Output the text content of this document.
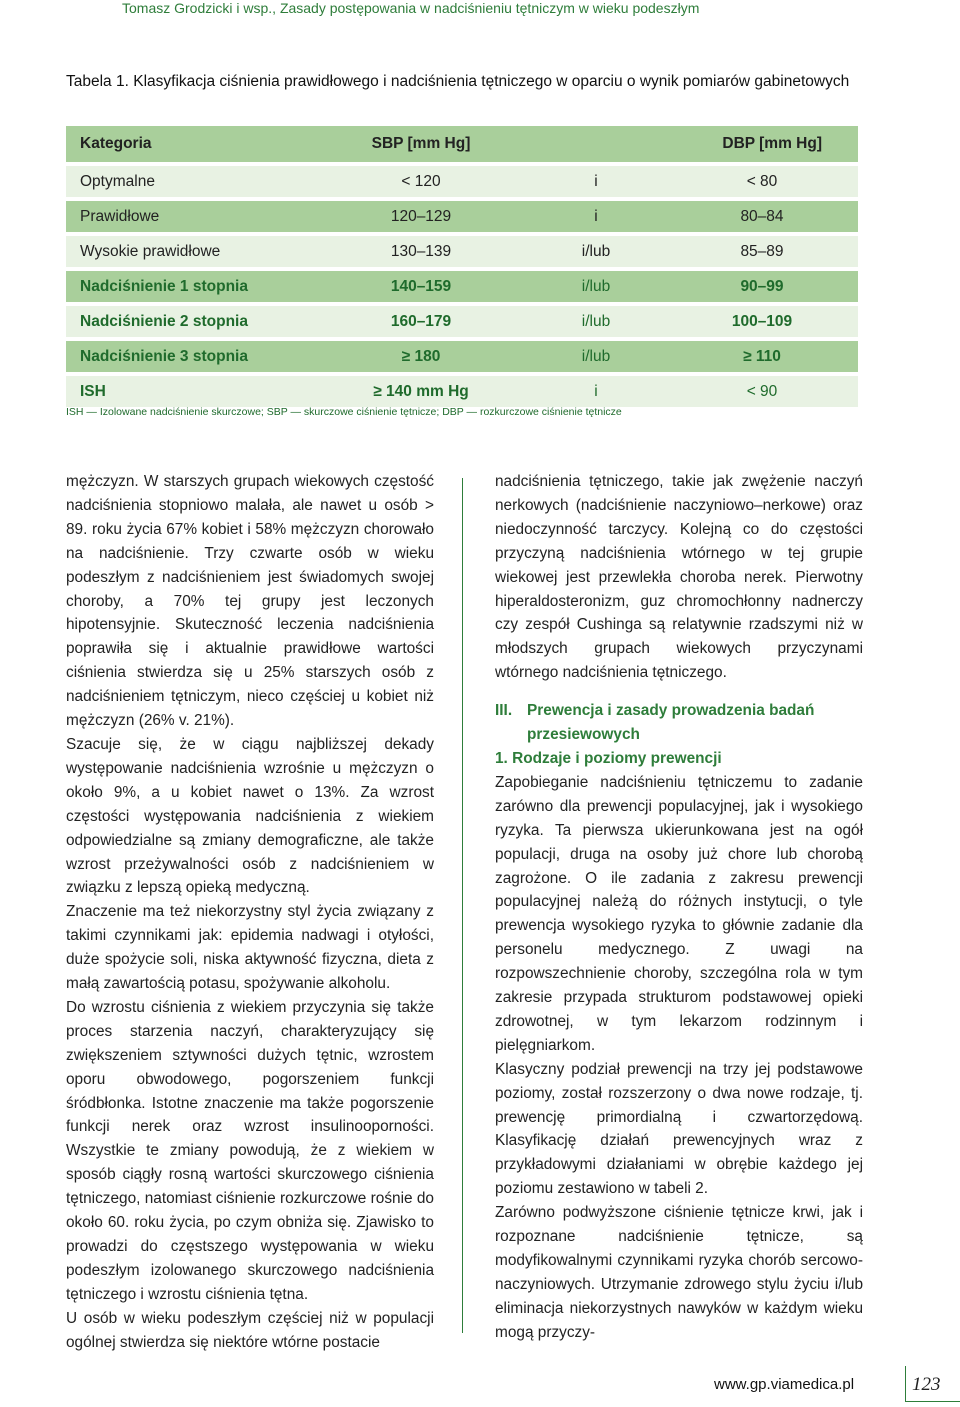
Tomasz Grodzicki i wsp., Zasady postępowania w nadciśnieniu tętniczym w wieku podeszłym
Tabela 1. Klasyfikacja ciśnienia prawidłowego i nadciśnienia tętniczego w oparciu o wynik pomiarów gabinetowych
Kategoria	SBP [mm Hg]		DBP [mm Hg]
Optymalne	< 120	i	< 80
Prawidłowe	120–129	i	80–84
Wysokie prawidłowe	130–139	i/lub	85–89
Nadciśnienie 1 stopnia	140–159	i/lub	90–99
Nadciśnienie 2 stopnia	160–179	i/lub	100–109
Nadciśnienie 3 stopnia	≥ 180	i/lub	≥ 110
ISH	≥ 140 mm Hg	i	< 90
ISH — Izolowane nadciśnienie skurczowe; SBP — skurczowe ciśnienie tętnicze; DBP — rozkurczowe ciśnienie tętnicze

mężczyzn. W starszych grupach wiekowych częstość nadciśnienia stopniowo malała, ale nawet u osób > 89. roku życia 67% kobiet i 58% mężczyzn chorowało na nadciśnienie. Trzy czwarte osób w wieku podeszłym z nadciśnieniem jest świadomych swojej choroby, a 70% tej grupy jest leczonych hipotensyjnie. Skuteczność leczenia nadciśnienia poprawiła się i aktualnie prawidłowe wartości ciśnienia stwierdza się u 25% starszych osób z nadciśnieniem tętniczym, nieco częściej u kobiet niż mężczyzn (26% v. 21%).

Szacuje się, że w ciągu najbliższej dekady występowanie nadciśnienia wzrośnie u mężczyzn o około 9%, a u kobiet nawet o 13%. Za wzrost częstości występowania nadciśnienia z wiekiem odpowiedzialne są zmiany demograficzne, ale także wzrost przeżywalności osób z nadciśnieniem w związku z lepszą opieką medyczną.

Znaczenie ma też niekorzystny styl życia związany z takimi czynnikami jak: epidemia nadwagi i otyłości, duże spożycie soli, niska aktywność fizyczna, dieta z małą zawartością potasu, spożywanie alkoholu.

Do wzrostu ciśnienia z wiekiem przyczynia się także proces starzenia naczyń, charakteryzujący się zwiększeniem sztywności dużych tętnic, wzrostem oporu obwodowego, pogorszeniem funkcji śródbłonka. Istotne znaczenie ma także pogorszenie funkcji nerek oraz wzrost insulinooporności. Wszystkie te zmiany powodują, że z wiekiem w sposób ciągły rosną wartości skurczowego ciśnienia tętniczego, natomiast ciśnienie rozkurczowe rośnie do około 60. roku życia, po czym obniża się. Zjawisko to prowadzi do częstszego występowania w wieku podeszłym izolowanego skurczowego nadciśnienia tętniczego i wzrostu ciśnienia tętna.

U osób w wieku podeszłym częściej niż w populacji ogólnej stwierdza się niektóre wtórne postacie

nadciśnienia tętniczego, takie jak zwężenie naczyń nerkowych (nadciśnienie naczyniowo–nerkowe) oraz niedoczynność tarczycy. Kolejną co do częstości przyczyną nadciśnienia wtórnego w tej grupie wiekowej jest przewlekła choroba nerek. Pierwotny hiperaldosteronizm, guz chromochłonny nadnerczy czy zespół Cushinga są relatywnie rzadszymi niż w młodszych grupach wiekowych przyczynami wtórnego nadciśnienia tętniczego.

III. Prewencja i zasady prowadzenia badań przesiewowych
1. Rodzaje i poziomy prewencji

Zapobieganie nadciśnieniu tętniczemu to zadanie zarówno dla prewencji populacyjnej, jak i wysokiego ryzyka. Ta pierwsza ukierunkowana jest na ogół populacji, druga na osoby już chore lub chorobą zagrożone. O ile zadania z zakresu prewencji populacyjnej należą do różnych instytucji, o tyle prewencja wysokiego ryzyka to głównie zadanie dla personelu medycznego. Z uwagi na rozpowszechnienie choroby, szczególna rola w tym zakresie przypada strukturom podstawowej opieki zdrowotnej, w tym lekarzom rodzinnym i pielęgniarkom.

Klasyczny podział prewencji na trzy jej podstawowe poziomy, został rozszerzony o dwa nowe rodzaje, tj. prewencję primordialną i czwartorzędową. Klasyfikację działań prewencyjnych wraz z przykładowymi działaniami w obrębie każdego jej poziomu zestawiono w tabeli 2.

Zarówno podwyższone ciśnienie tętnicze krwi, jak i rozpoznane nadciśnienie tętnicze, są modyfikowalnymi czynnikami ryzyka chorób sercowo-naczyniowych. Utrzymanie zdrowego stylu życiu i/lub eliminacja niekorzystnych nawyków w każdym wieku mogą przyczy-

www.gp.viamedica.pl	123
